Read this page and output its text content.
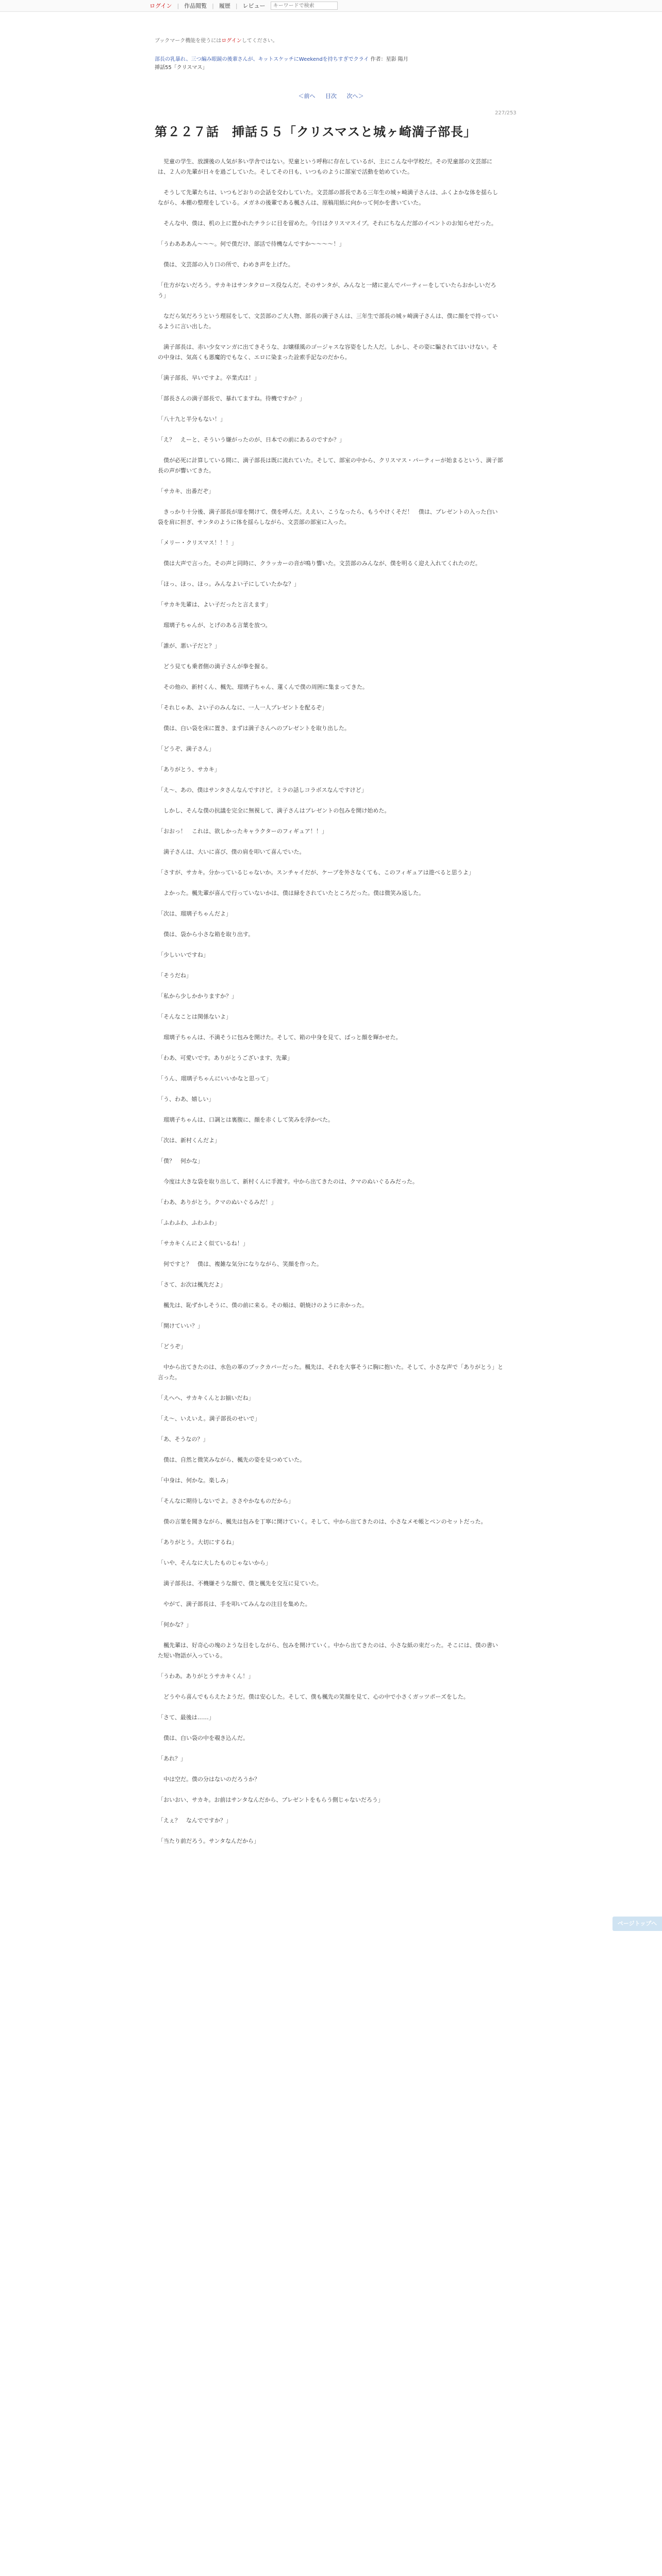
ログイン | 作品閲覧 | 履歴 | レビュー
キーワードで検索
ブックマーク機能を使うにはログインしてください。
部長の乳暴れ、三つ編み眼鏡の後輩さんが、キットスケッチにWeekendを持ちすぎでクライ 作者：星影 陽月
挿話55「クリスマス」
＜前へ 目次 次へ＞
227/253
第２２７話　挿話５５「クリスマスと城ヶ崎満子部長」

　児童の学生、放課後の人気が多い学舎ではない。児童という呼称に存在しているが、主にこんな中学校だ。その児童部の文芸部には、２人の先輩が日々を過ごしていた。そしてその日も、いつものように部室で活動を始めていた。

　そうして先輩たちは、いつもどおりの会話を交わしていた。文芸部の部長である三年生の城ヶ崎満子さんは、ふくよかな体を揺らしながら、本棚の整理をしている。メガネの後輩である楓さんは、原稿用紙に向かって何かを書いていた。

　そんな中、僕は、机の上に置かれたチラシに目を留めた。今日はクリスマスイブ。それにちなんだ部のイベントのお知らせだった。

「うわあああん～～～。何で僕だけ、部活で待機なんですか～～～～！」

　僕は、文芸部の入り口の所で、わめき声を上げた。

「仕方がないだろう。サカキはサンタクロース役なんだ。そのサンタが、みんなと一緒に並んでパーティーをしていたらおかしいだろう」

　なだら気だろうという理屈をして、文芸部のご大人物、部長の満子さんは、三年生で部長の城ヶ崎満子さんは、僕に顔をで持っているように言い出した。

　満子部長は、赤い少女マンガに出てきそうな、お嬢様風のゴージャスな容姿をした人だ。しかし、その姿に騙されてはいけない。その中身は、気高くも悪魔的でもなく、エロに染まった詮索手記なのだから。

「満子部長、早いですよ。卒業式は！」

「部長さんの満子部長で、暴れてますね。待機ですか？」

「八十九と半分もない！」

「え？　えーと、そういう嫌がったのが、日本での前にあるのですか？」

　僕が必死に計算している間に、満子部長は既に流れていた。そして、部室の中から、クリスマス・パーティーが始まるという、満子部長の声が響いてきた。

「サカキ、出番だぞ」

　きっかり十分後、満子部長が扉を開けて、僕を呼んだ。ええい、こうなったら、もうやけくそだ！　僕は、プレゼントの入った白い袋を肩に担ぎ、サンタのように体を揺らしながら、文芸部の部室に入った。

「メリー・クリスマス！！！」

　僕は大声で言った。その声と同時に、クラッカーの音が鳴り響いた。文芸部のみんなが、僕を明るく迎え入れてくれたのだ。

「ほっ、ほっ、ほっ。みんなよい子にしていたかな？」

「サカキ先輩は、よい子だったと言えます」

　瑠璃子ちゃんが、とげのある言葉を放つ。

「誰が、悪い子だと？」

　どう見ても乗者側の満子さんが拳を握る。

　その他の、新村くん、楓先、瑠璃子ちゃん、蓮くんで僕の周囲に集まってきた。

「それじゃあ、よい子のみんなに、一人一人プレゼントを配るぞ」

　僕は、白い袋を床に置き、まずは満子さんへのプレゼントを取り出した。

「どうぞ、満子さん」

「ありがとう、サカキ」

「え～、あの、僕はサンタさんなんですけど。ミラの話しコラボスなんですけど」

　しかし、そんな僕の抗議を完全に無視して、満子さんはプレゼントの包みを開け始めた。

「おおっ！　これは、欲しかったキャラクターのフィギュア！！」

　満子さんは、大いに喜び、僕の肩を叩いて喜んでいた。

「さすが、サカキ。分かっているじゃないか。スンチャイだが、ケープを外さなくても、このフィギュアは遊べると思うよ」

　よかった。楓先輩が喜んで行っていないかは、僕は緑をされていたところだった。僕は微笑み返した。

「次は、瑠璃子ちゃんだよ」

　僕は、袋から小さな箱を取り出す。

「少しいいですね」

「そうだね」

「私から少しかかりますか？」

「そんなことは関係ないよ」

　瑠璃子ちゃんは、不満そうに包みを開けた。そして、箱の中身を見て、ぱっと顔を輝かせた。

「わあ、可愛いです。ありがとうございます、先輩」

「うん、瑠璃子ちゃんにいいかなと思って」

「う、わあ、嬉しい」

　瑠璃子ちゃんは、口調とは裏腹に、顔を赤くして笑みを浮かべた。

「次は、新村くんだよ」

「僕？　何かな」

　今度は大きな袋を取り出して、新村くんに手渡す。中から出てきたのは、クマのぬいぐるみだった。

「わあ、ありがとう。クマのぬいぐるみだ！」

「ふわふわ、ふわふわ」

「サカキくんによく似ているね！」

　何ですと？　僕は、複雑な気分になりながら、笑顔を作った。

「さて、お次は楓先だよ」

　楓先は、恥ずかしそうに、僕の前に来る。その頬は、朝焼けのように赤かった。

「開けていい？」

「どうぞ」

　中から出てきたのは、水色の革のブックカバーだった。楓先は、それを大事そうに胸に抱いた。そして、小さな声で「ありがとう」と言った。

「えへへ、サカキくんとお揃いだね」

「え～、いえいえ。満子部長のせいで」

「あ、そうなの？」

　僕は、自然と微笑みながら、楓先の姿を見つめていた。

「中身は、何かな。楽しみ」

「そんなに期待しないでよ。ささやかなものだから」

　僕の言葉を聞きながら、楓先は包みを丁寧に開けていく。そして、中から出てきたのは、小さなメモ帳とペンのセットだった。

「ありがとう。大切にするね」

「いや、そんなに大したものじゃないから」

　満子部長は、不機嫌そうな顔で、僕と楓先を交互に見ていた。

　やがて、満子部長は、手を叩いてみんなの注目を集めた。

「何かな？」

　楓先輩は、好奇心の塊のような目をしながら、包みを開けていく。中から出てきたのは、小さな紙の束だった。そこには、僕の書いた短い物語が入っている。

「うわあ。ありがとうサカキくん！」

　どうやら喜んでもらえたようだ。僕は安心した。そして、僕も楓先の笑顔を見て、心の中で小さくガッツポーズをした。

「さて、最後は……」

　僕は、白い袋の中を覗き込んだ。

「あれ？」

　中は空だ。僕の分はないのだろうか？

「おいおい、サカキ。お前はサンタなんだから、プレゼントをもらう側じゃないだろう」

「えぇ？　なんでですか？」

「当たり前だろう。サンタなんだから」

ページトップへ
